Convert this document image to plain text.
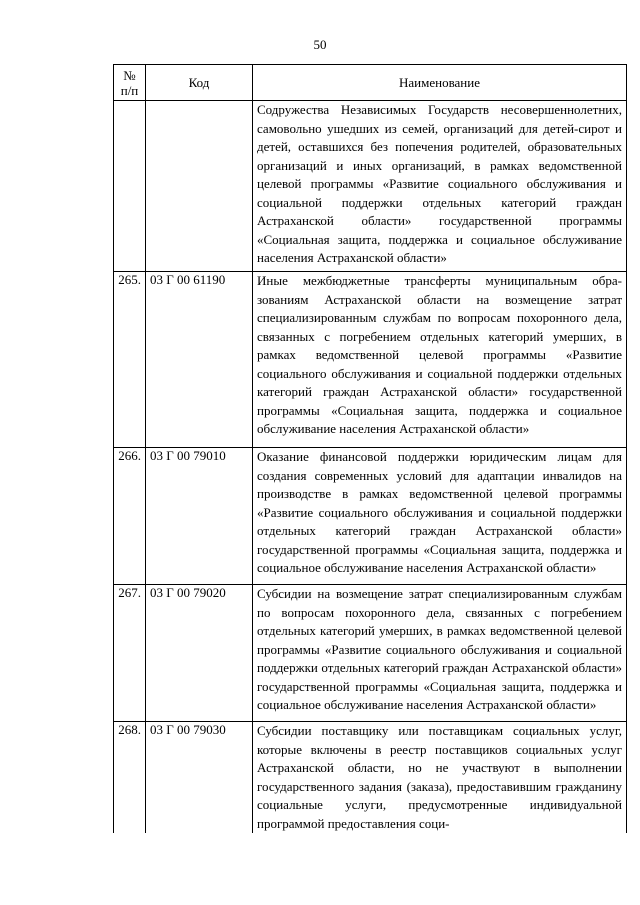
50
№ п/п	Код	Наименование
		Содружества Независимых Государств несовершеннолетних, самовольно ушедших из семей, организаций для детей-сирот и детей, оставшихся без попечения родителей, образовательных организаций и иных организаций, в рамках ведомственной целевой программы «Развитие социального обслуживания и социальной поддержки отдельных категорий граждан Астраханской области» государственной программы «Социальная защита, поддержка и социальное обслуживание населения Астраханской области»
265.	03 Г 00 61190	Иные межбюджетные трансферты муниципальным образованиям Астраханской области на возмещение затрат специализированным службам по вопросам похоронного дела, связанных с погребением отдельных категорий умерших, в рамках ведомственной целевой программы «Развитие социального обслуживания и социальной поддержки отдельных категорий граждан Астраханской области» государственной программы «Социальная защита, поддержка и социальное обслуживание населения Астраханской области»
266.	03 Г 00 79010	Оказание финансовой поддержки юридическим лицам для создания современных условий для адаптации инвалидов на производстве в рамках ведомственной целевой программы «Развитие социального обслуживания и социальной поддержки отдельных категорий граждан Астраханской области» государственной программы «Социальная защита, поддержка и социальное обслуживание населения Астраханской области»
267.	03 Г 00 79020	Субсидии на возмещение затрат специализированным службам по вопросам похоронного дела, связанных с погребением отдельных категорий умерших, в рамках ведомственной целевой программы «Развитие социального обслуживания и социальной поддержки отдельных категорий граждан Астраханской области» государственной программы «Социальная защита, поддержка и социальное обслуживание населения Астраханской области»
268.	03 Г 00 79030	Субсидии поставщику или поставщикам социальных услуг, которые включены в реестр поставщиков социальных услуг Астраханской области, но не участвуют в выполнении государственного задания (заказа), предоставившим гражданину социальные услуги, предусмотренные индивидуальной программой предоставления соци-
